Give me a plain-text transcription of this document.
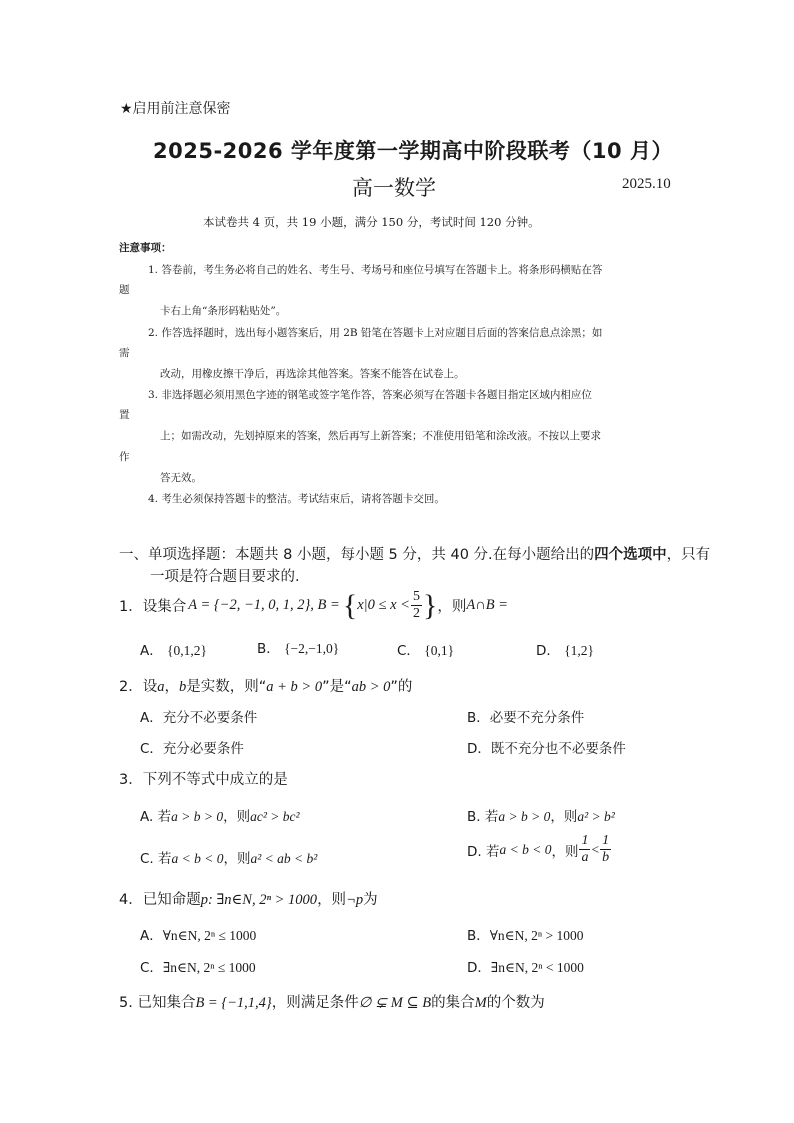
★启用前注意保密
2025-2026 学年度第一学期高中阶段联考（10 月）
高一数学	2025.10
本试卷共 4 页，共 19 小题，满分 150 分，考试时间 120 分钟。
注意事项：
1. 答卷前，考生务必将自己的姓名、考生号、考场号和座位号填写在答题卡上。将条形码横贴在答
题
卡右上角“条形码粘贴处”。
2. 作答选择题时，选出每小题答案后，用 2B 铅笔在答题卡上对应题目后面的答案信息点涂黑；如
需
改动，用橡皮擦干净后，再选涂其他答案。答案不能答在试卷上。
3. 非选择题必须用黑色字迹的钢笔或签字笔作答，答案必须写在答题卡各题目指定区域内相应位
置
上；如需改动，先划掉原来的答案，然后再写上新答案；不准使用铅笔和涂改液。不按以上要求
作
答无效。
4. 考生必须保持答题卡的整洁。考试结束后，请将答题卡交回。
一、单项选择题：本题共 8 小题，每小题 5 分，共 40 分.在每小题给出的四个选项中，只有
一项是符合题目要求的.
1． 设集合 A = {−2, −1, 0, 1, 2}, B = { $x|0 \le x < \frac{5}{2}$ } ，则 A∩B =
A． {0,1,2}	B． {−2,−1,0}	C． {0,1}	D． {1,2}
2．设a，b是实数，则“a + b > 0”是“ab > 0”的
A．充分不必要条件	B．必要不充分条件
C．充分必要条件	D．既不充分也不必要条件
3．下列不等式中成立的是
A. 若a > b > 0，则ac² > bc²	B. 若a > b > 0，则a² > b²
C. 若a < b < 0，则a² < ab < b²	D. 若 a < b < 0 ，则 $\frac{1}{a} < \frac{1}{b}$
4．已知命题p: ∃n∈N, 2ⁿ > 1000，则¬p为
A．∀n∈N, 2ⁿ ≤ 1000	B．∀n∈N, 2ⁿ > 1000
C．∃n∈N, 2ⁿ ≤ 1000	D．∃n∈N, 2ⁿ < 1000
5. 已知集合B = {−1,1,4}，则满足条件∅ ⊊ M ⊆ B的集合M的个数为
